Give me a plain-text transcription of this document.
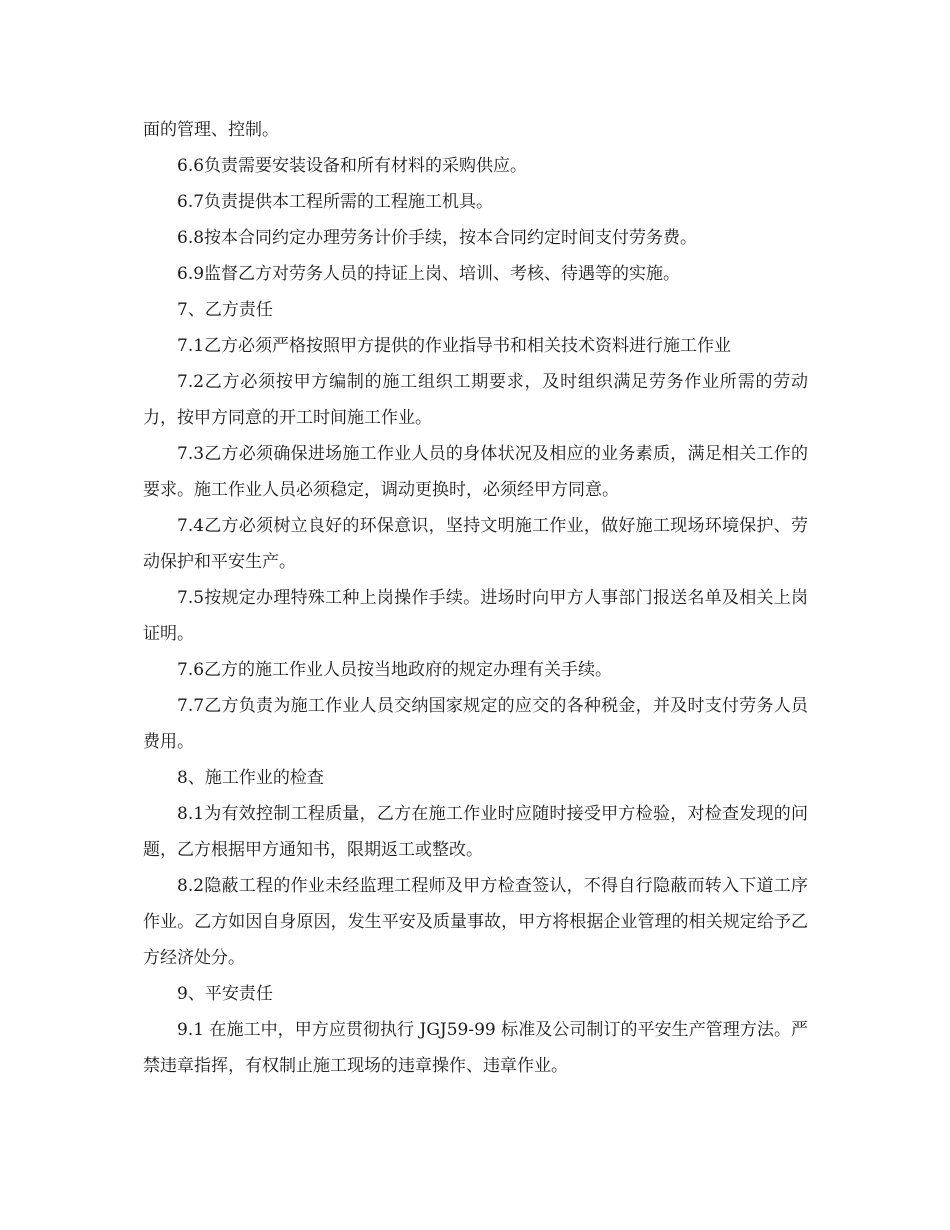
面的管理、控制。

6.6负责需要安装设备和所有材料的采购供应。

6.7负责提供本工程所需的工程施工机具。

6.8按本合同约定办理劳务计价手续，按本合同约定时间支付劳务费。

6.9监督乙方对劳务人员的持证上岗、培训、考核、待遇等的实施。

7、乙方责任

7.1乙方必须严格按照甲方提供的作业指导书和相关技术资料进行施工作业

7.2乙方必须按甲方编制的施工组织工期要求，及时组织满足劳务作业所需的劳动力，按甲方同意的开工时间施工作业。

7.3乙方必须确保进场施工作业人员的身体状况及相应的业务素质，满足相关工作的要求。施工作业人员必须稳定，调动更换时，必须经甲方同意。

7.4乙方必须树立良好的环保意识，坚持文明施工作业，做好施工现场环境保护、劳动保护和平安生产。

7.5按规定办理特殊工种上岗操作手续。进场时向甲方人事部门报送名单及相关上岗证明。

7.6乙方的施工作业人员按当地政府的规定办理有关手续。

7.7乙方负责为施工作业人员交纳国家规定的应交的各种税金，并及时支付劳务人员费用。

8、施工作业的检查

8.1为有效控制工程质量，乙方在施工作业时应随时接受甲方检验，对检查发现的问题，乙方根据甲方通知书，限期返工或整改。

8.2隐蔽工程的作业未经监理工程师及甲方检查签认，不得自行隐蔽而转入下道工序作业。乙方如因自身原因，发生平安及质量事故，甲方将根据企业管理的相关规定给予乙方经济处分。

9、平安责任

9.1 在施工中，甲方应贯彻执行 JGJ59-99 标准及公司制订的平安生产管理方法。严禁违章指挥，有权制止施工现场的违章操作、违章作业。
